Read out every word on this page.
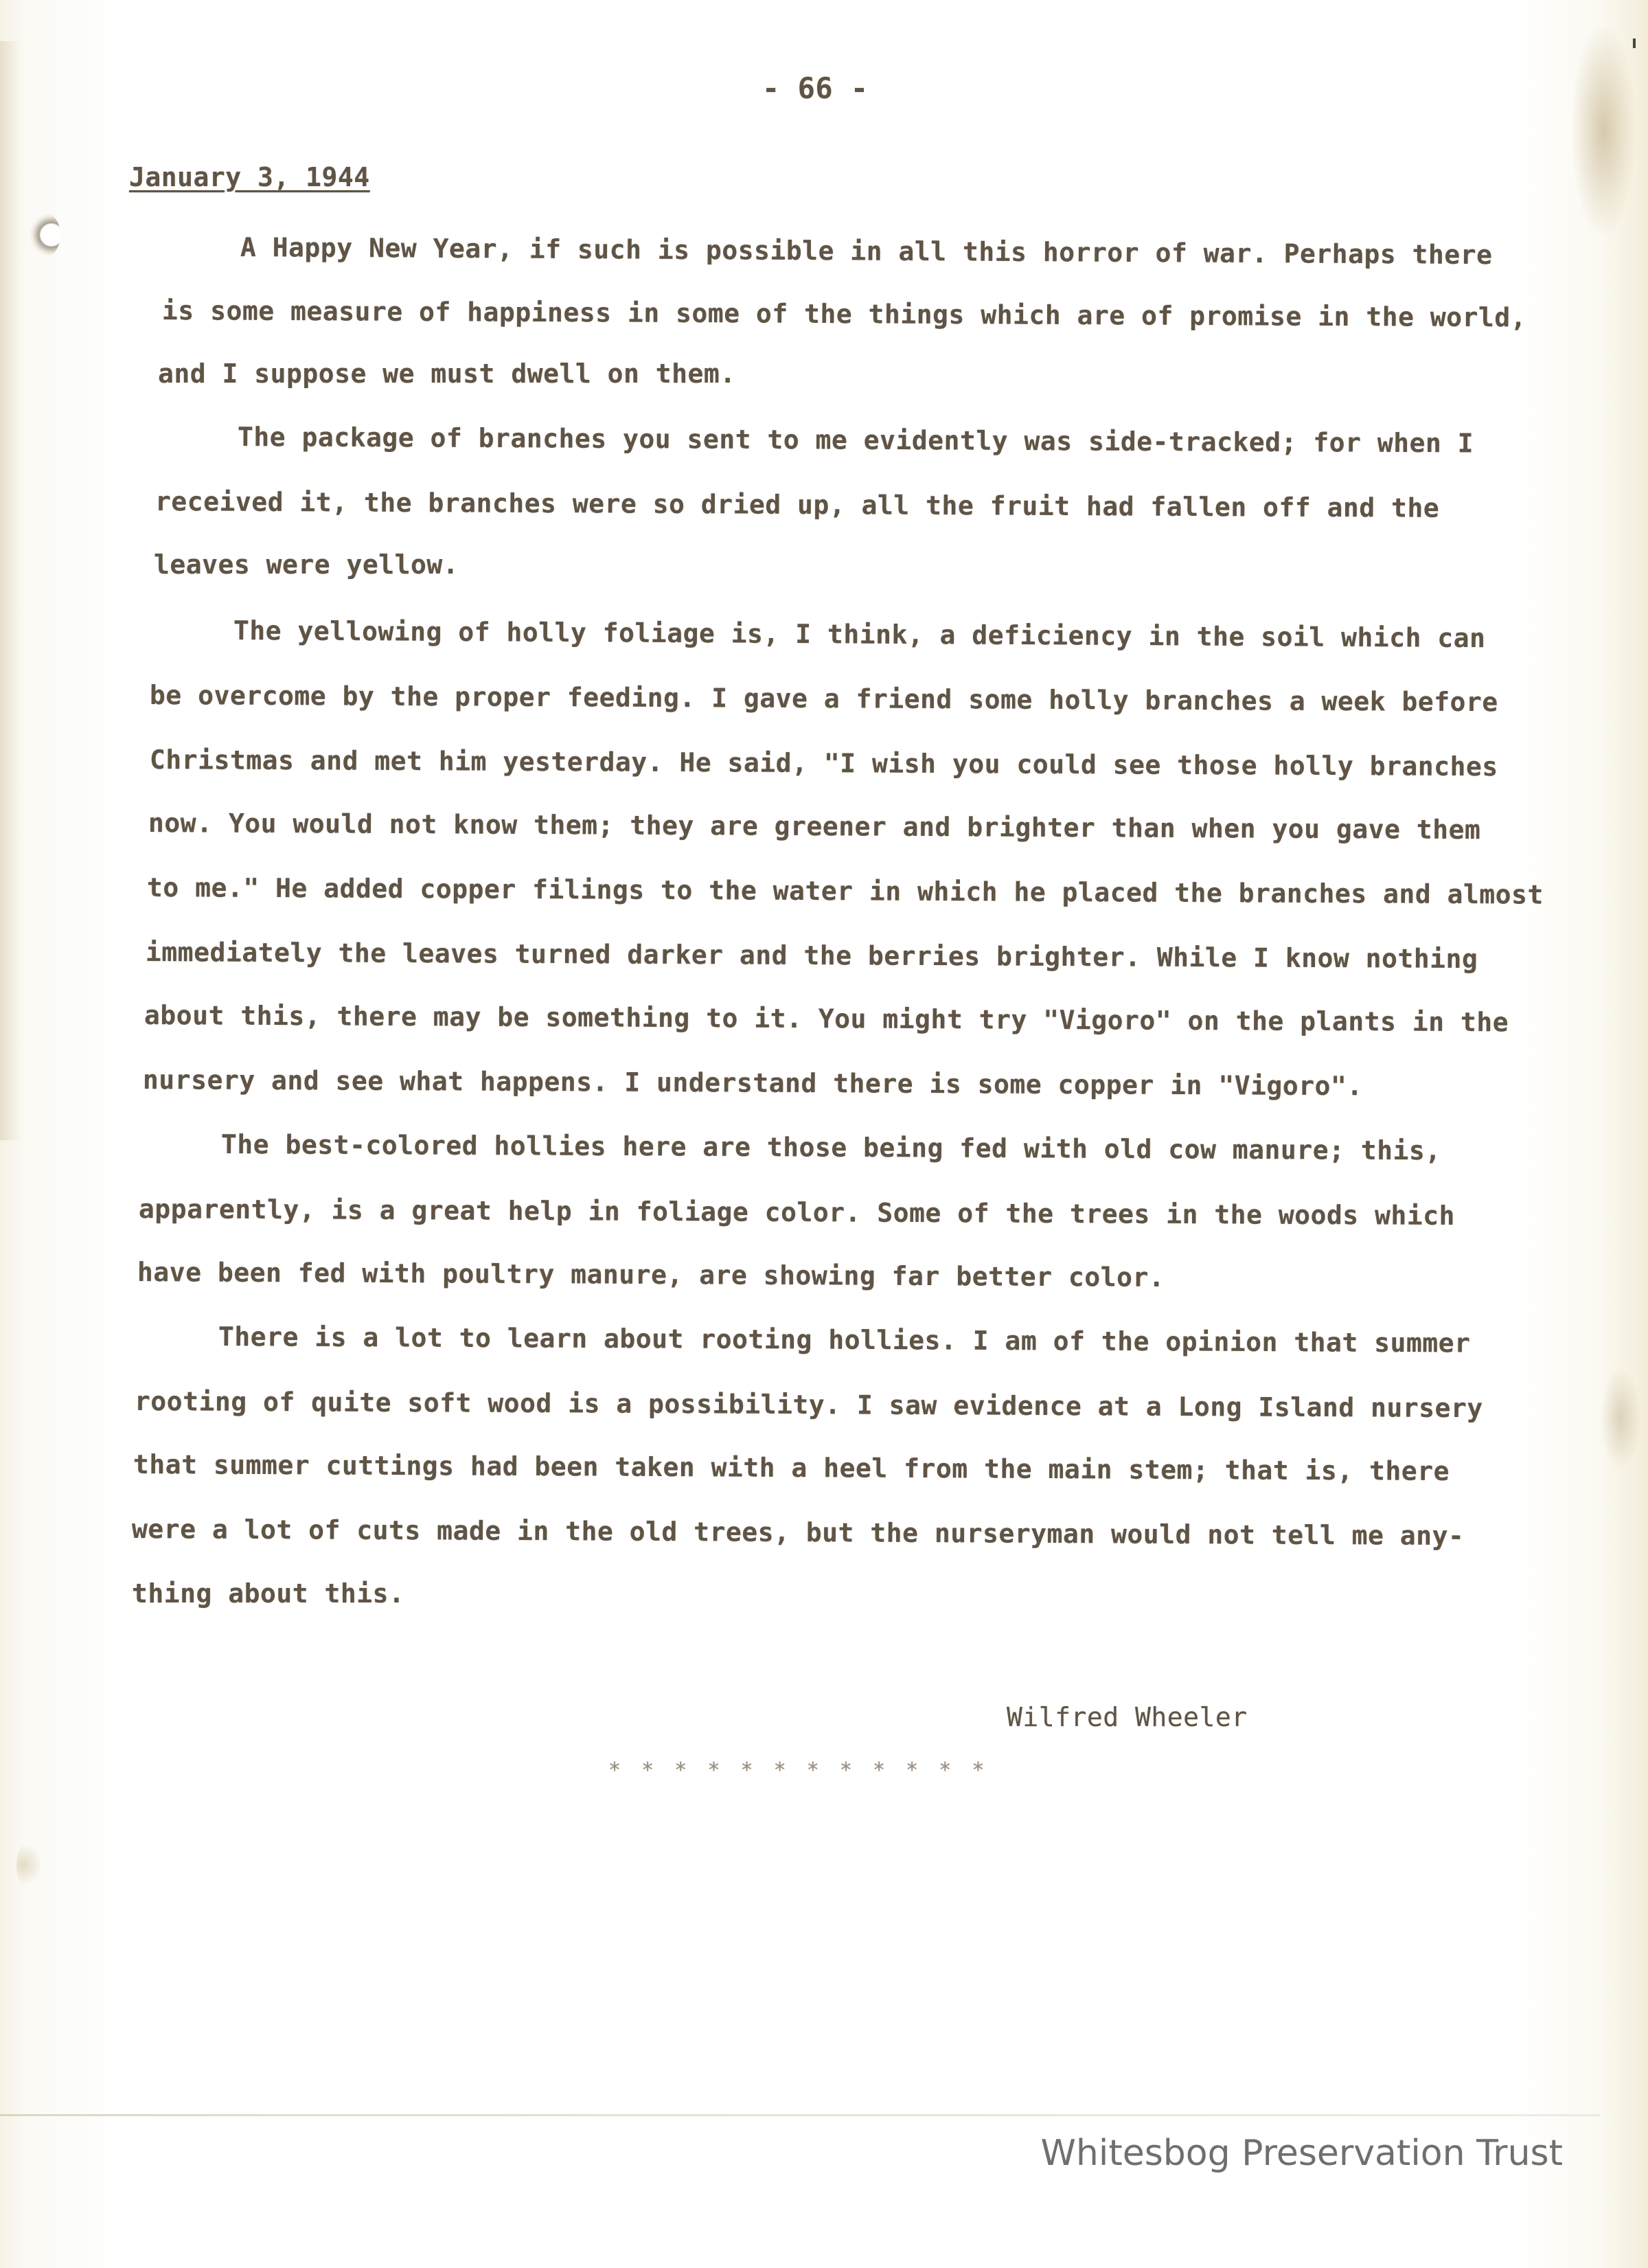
- 66 -
January 3, 1944
A Happy New Year, if such is possible in all this horror of war. Perhaps there
is some measure of happiness in some of the things which are of promise in the world,
and I suppose we must dwell on them.
The package of branches you sent to me evidently was side-tracked; for when I
received it, the branches were so dried up, all the fruit had fallen off and the
leaves were yellow.
The yellowing of holly foliage is, I think, a deficiency in the soil which can
be overcome by the proper feeding. I gave a friend some holly branches a week before
Christmas and met him yesterday. He said, "I wish you could see those holly branches
now. You would not know them; they are greener and brighter than when you gave them
to me." He added copper filings to the water in which he placed the branches and almost
immediately the leaves turned darker and the berries brighter. While I know nothing
about this, there may be something to it. You might try "Vigoro" on the plants in the
nursery and see what happens. I understand there is some copper in "Vigoro".
The best-colored hollies here are those being fed with old cow manure; this,
apparently, is a great help in foliage color. Some of the trees in the woods which
have been fed with poultry manure, are showing far better color.
There is a lot to learn about rooting hollies. I am of the opinion that summer
rooting of quite soft wood is a possibility. I saw evidence at a Long Island nursery
that summer cuttings had been taken with a heel from the main stem; that is, there
were a lot of cuts made in the old trees, but the nurseryman would not tell me any-
thing about this.
Wilfred Wheeler
* * * * * * * * * * * *
Whitesbog Preservation Trust
